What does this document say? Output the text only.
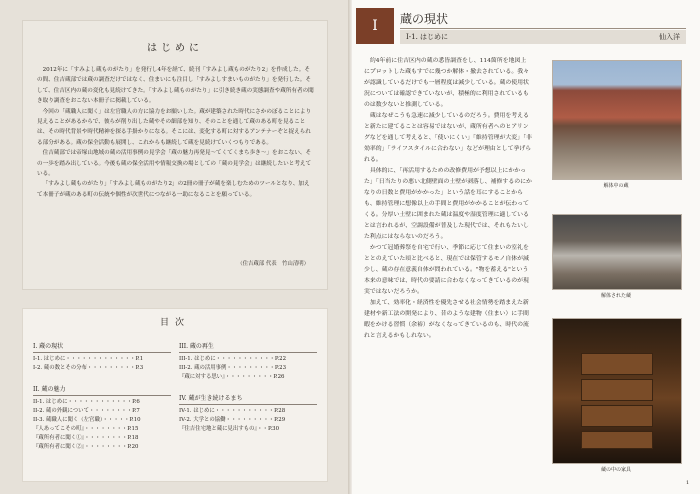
はじめに

2012年に「すみよし蔵ものがたり」を発行し4年を経て、続刊「すみよし蔵ものがたり2」を作成した。その間、住吉蔵部では蔵の調査だけではなく、住まいにも注目し「すみよしすまいものがたり」を発行した。そして、住吉区内の蔵の変化も見続けてきた。「すみよし蔵ものがたり」に引き続き蔵の実態調査や蔵所有者の聞き取り調査をおこない本冊子に掲載している。

今回の「蔵職人に聞く」は左官職人の方に協力をお願いした。蔵が建築された時代にさかのぼることにより見えることがあるからで、彼らが削り出した蔵やその細部を知り、そのことを通して蔵のある町を見ることは、その時代背景や時代精神を探る手掛かりになる。そこには、変化する町に対するアンテナーぞと捉えられる部分がある。蔵の保全活動も展開し、これからも継続して蔵を見続けていくつもりである。

住吉蔵部では帝塚山地域の蔵の活用事例の見学会「蔵の魅力再発見～てくてくまち歩き～」をおこない、その一歩を踏み出している。今後も蔵の保全活用や情報交換の場としての「蔵の見学会」は継続したいと考えている。

「すみよし蔵ものがたり」「すみよし蔵ものがたり2」の2冊の冊子が蔵を楽しむためのツールとなり、加えて本冊子が蔵のある町の伝統や個性が次世代につながる一助になることを願っている。

（住吉蔵部 代表　竹山清明）
目次
I. 蔵の現状
I-1. はじめに・・・・・・・・・・・・・P.1
I-2. 蔵の数とその分布・・・・・・・・・P.3
II. 蔵の魅力
II-1. はじめに・・・・・・・・・・・・P.6
II-2. 蔵の外観について・・・・・・・・P.7
II-3. 蔵職人に聞く（左官職）・・・・・P.10
『人あってこその町』・・・・・・・・P.15
『蔵所有者に聞く①』・・・・・・・・P.18
『蔵所有者に聞く②』・・・・・・・・P.20
III. 蔵の再生
III-1. はじめに・・・・・・・・・・・P.22
III-2. 蔵の活用事例・・・・・・・・・P.23
『蔵に対する思い』・・・・・・・・・P.26
IV. 蔵が生き続けるまち
IV-1. はじめに・・・・・・・・・・・P.28
IV-2. 大学との協働・・・・・・・・・P.29
『住吉住宅地と蔵に見出すもの』・・P.30
I	蔵の現状
I-1. はじめに	仙入洋

約4年前に住吉区内の蔵の悉皆調査をし、114箇所を地図上にプロットした蔵もすでに幾つか解体・撤去されている。我々が認識しているだけでも一層程度は減少している。蔵の使用状況については確認できていないが、積極的に利用されているものは数少ないと推測している。

蔵はなぜこうも急速に減少しているのだろう。費用を考えると新たに建てることは容易ではないが、蔵所有者へのヒアリングなどを通して考えると、「使いにくい」「維持管理が大変」「非効率的」「ライフスタイルに合わない」などが理由として挙げられる。

具体的に、「再活用するための改修費用が予想以上にかかった」「日当たりの悪い北側壁面の土壁が剥落し、補修するのにかなりの日数と費用がかかった」という話を耳にすることからも、維持管理に想像以上の手間と費用がかかることが伝わってくる。分厚い土壁に囲まれた蔵は温度や湿度管理に適しているとは言われるが、空調設備が普及した現代では、それもたいした利点にはならないのだろう。

かつて冠婚葬祭を自宅で行い、季節に応じて住まいの室礼をととのえていた頃と比べると、現在では保管するモノ自体が減少し、蔵の存在意義自体が問われている。"物を蓄える"という本来の意味では、時代の要請に合わなくなってきているのが現実ではないだろうか。

加えて、効率化・経済性を優先させる社会情勢を踏まえた新建材や新工法の開発により、昔のような建物（住まい）に手間暇をかける習慣（余裕）がなくなってきているのも、時代の流れと言えるかもしれない。

解体中の蔵
解体された蔵
蔵の中の家具
1
